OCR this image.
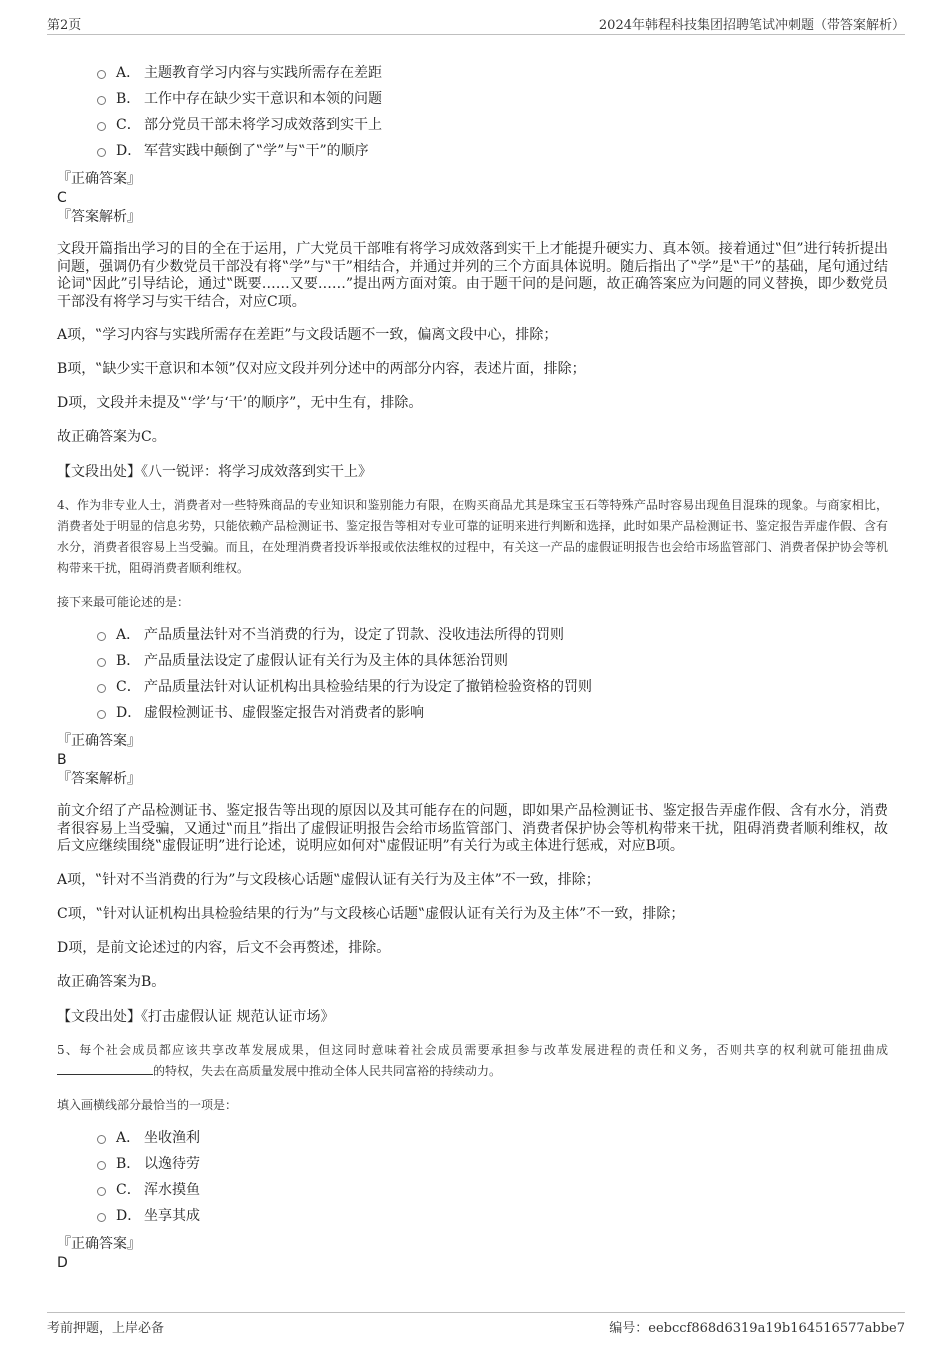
第2页	2024年韩程科技集团招聘笔试冲刺题（带答案解析）
A． 主题教育学习内容与实践所需存在差距
B． 工作中存在缺少实干意识和本领的问题
C． 部分党员干部未将学习成效落到实干上
D． 军营实践中颠倒了‟学”与‟干”的顺序

『正确答案』

C

『答案解析』

文段开篇指出学习的目的全在于运用，广大党员干部唯有将学习成效落到实干上才能提升硬实力、真本领。接着通过‟但”进行转折提出问题，强调仍有少数党员干部没有将‟学”与‟干”相结合，并通过并列的三个方面具体说明。随后指出了‟学”是‟干”的基础，尾句通过结论词‟因此”引导结论，通过‟既要……又要……”提出两方面对策。由于题干问的是问题，故正确答案应为问题的同义替换，即少数党员干部没有将学习与实干结合，对应C项。

A项，‟学习内容与实践所需存在差距”与文段话题不一致，偏离文段中心，排除；

B项，‟缺少实干意识和本领”仅对应文段并列分述中的两部分内容，表述片面，排除；

D项，文段并未提及‟‘学’与‘干’的顺序”，无中生有，排除。

故正确答案为C。

【文段出处】《八一锐评：将学习成效落到实干上》

4、作为非专业人士，消费者对一些特殊商品的专业知识和鉴别能力有限，在购买商品尤其是珠宝玉石等特殊产品时容易出现鱼目混珠的现象。与商家相比，消费者处于明显的信息劣势，只能依赖产品检测证书、鉴定报告等相对专业可靠的证明来进行判断和选择，此时如果产品检测证书、鉴定报告弄虚作假、含有水分，消费者很容易上当受骗。而且，在处理消费者投诉举报或依法维权的过程中，有关这一产品的虚假证明报告也会给市场监管部门、消费者保护协会等机构带来干扰，阻碍消费者顺利维权。

接下来最可能论述的是：

A． 产品质量法针对不当消费的行为，设定了罚款、没收违法所得的罚则
B． 产品质量法设定了虚假认证有关行为及主体的具体惩治罚则
C． 产品质量法针对认证机构出具检验结果的行为设定了撤销检验资格的罚则
D． 虚假检测证书、虚假鉴定报告对消费者的影响

『正确答案』

B

『答案解析』

前文介绍了产品检测证书、鉴定报告等出现的原因以及其可能存在的问题，即如果产品检测证书、鉴定报告弄虚作假、含有水分，消费者很容易上当受骗，又通过‟而且”指出了虚假证明报告会给市场监管部门、消费者保护协会等机构带来干扰，阻碍消费者顺利维权，故后文应继续围绕‟虚假证明”进行论述，说明应如何对‟虚假证明”有关行为或主体进行惩戒，对应B项。

A项，‟针对不当消费的行为”与文段核心话题‟虚假认证有关行为及主体”不一致，排除；

C项，‟针对认证机构出具检验结果的行为”与文段核心话题‟虚假认证有关行为及主体”不一致，排除；

D项，是前文论述过的内容，后文不会再赘述，排除。

故正确答案为B。

【文段出处】《打击虚假认证 规范认证市场》

5、每个社会成员都应该共享改革发展成果，但这同时意味着社会成员需要承担参与改革发展进程的责任和义务，否则共享的权利就可能扭曲成的特权，失去在高质量发展中推动全体人民共同富裕的持续动力。

填入画横线部分最恰当的一项是：

A． 坐收渔利
B． 以逸待劳
C． 浑水摸鱼
D． 坐享其成

『正确答案』

D

考前押题，上岸必备	编号：eebccf868d6319a19b164516577abbe7
